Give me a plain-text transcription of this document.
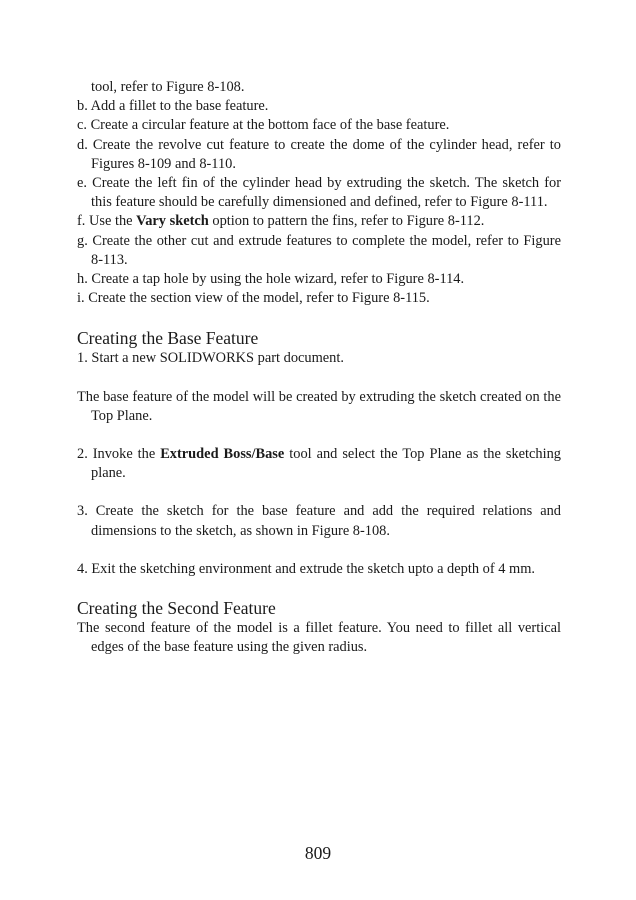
tool, refer to Figure 8-108.
b. Add a fillet to the base feature.
c. Create a circular feature at the bottom face of the base feature.
d. Create the revolve cut feature to create the dome of the cylinder head, refer to Figures 8-109 and 8-110.
e. Create the left fin of the cylinder head by extruding the sketch. The sketch for this feature should be carefully dimensioned and defined, refer to Figure 8-111.
f. Use the Vary sketch option to pattern the fins, refer to Figure 8-112.
g. Create the other cut and extrude features to complete the model, refer to Figure 8-113.
h. Create a tap hole by using the hole wizard, refer to Figure 8-114.
i. Create the section view of the model, refer to Figure 8-115.
Creating the Base Feature
1. Start a new SOLIDWORKS part document.
The base feature of the model will be created by extruding the sketch created on the Top Plane.
2. Invoke the Extruded Boss/Base tool and select the Top Plane as the sketching plane.
3. Create the sketch for the base feature and add the required relations and dimensions to the sketch, as shown in Figure 8-108.
4. Exit the sketching environment and extrude the sketch upto a depth of 4 mm.
Creating the Second Feature
The second feature of the model is a fillet feature. You need to fillet all vertical edges of the base feature using the given radius.
809
